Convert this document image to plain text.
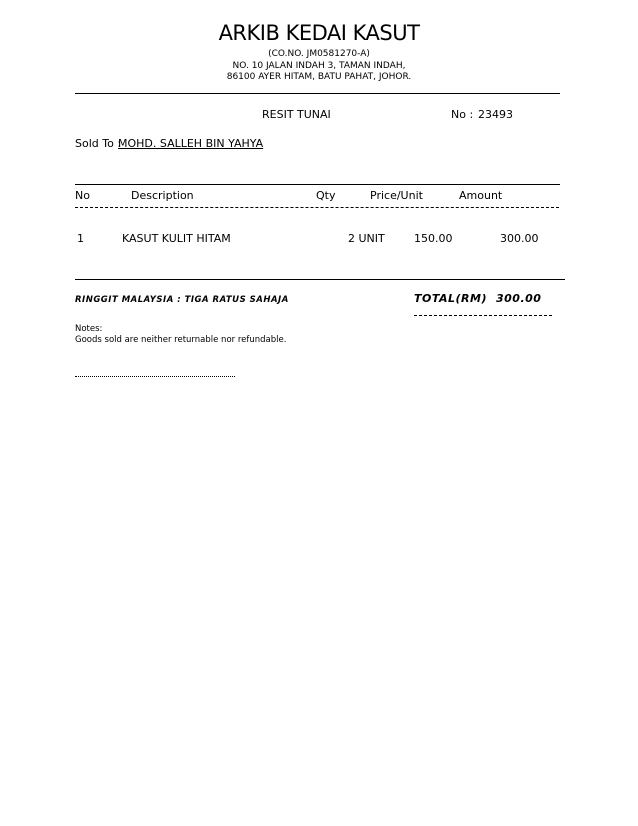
ARKIB KEDAI KASUT
(CO.NO. JM0581270-A)
NO. 10 JALAN INDAH 3, TAMAN INDAH,
86100 AYER HITAM, BATU PAHAT, JOHOR.
RESIT TUNAI	No : 23493
Sold To :
MOHD. SALLEH BIN YAHYA
No	Description	Qty	Price/Unit	Amount
1	KASUT KULIT HITAM	2 UNIT	150.00	300.00
RINGGIT MALAYSIA : TIGA RATUS SAHAJA	TOTAL(RM) 300.00
Notes:
Goods sold are neither returnable nor refundable.
